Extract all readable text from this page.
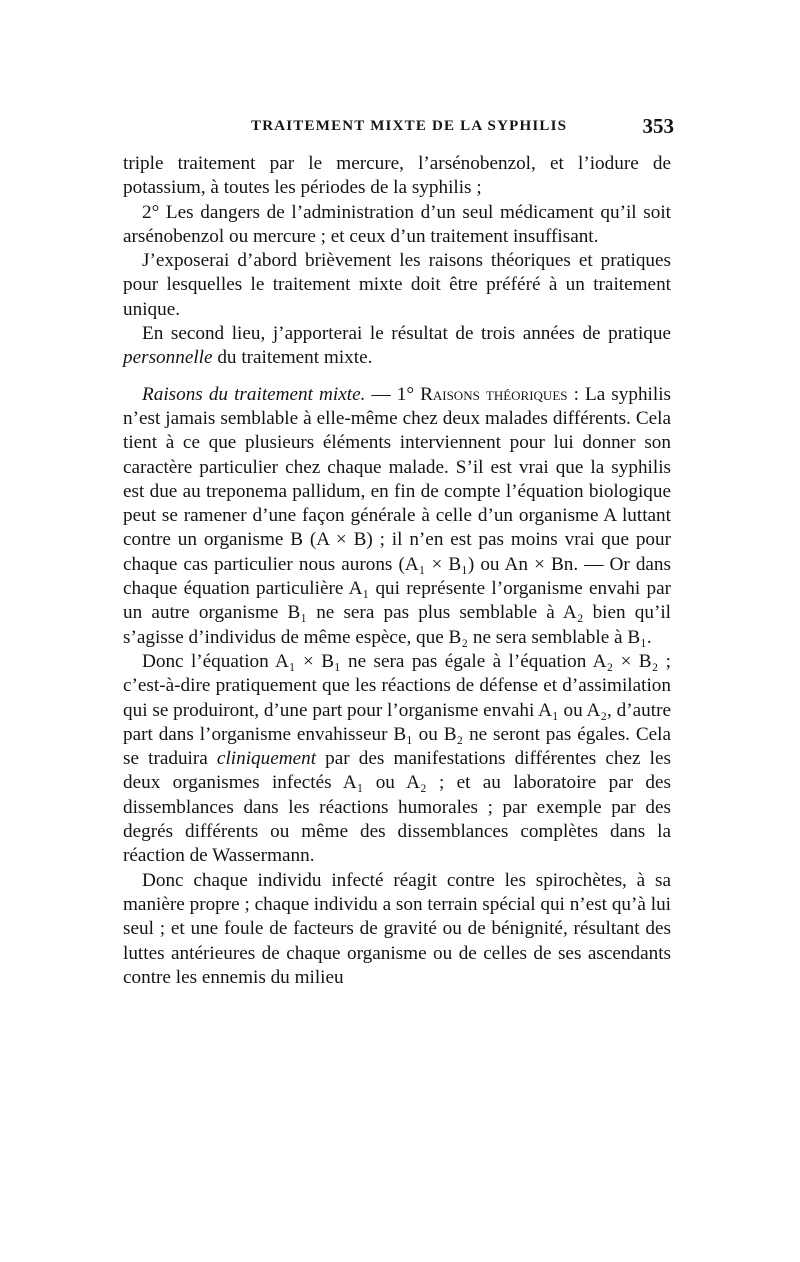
TRAITEMENT MIXTE DE LA SYPHILIS	353

triple traitement par le mercure, l’arsénobenzol, et l’iodure de potassium, à toutes les périodes de la syphilis ;

2° Les dangers de l’administration d’un seul médicament qu’il soit arsénobenzol ou mercure ; et ceux d’un traitement insuffisant.

J’exposerai d’abord brièvement les raisons théoriques et pratiques pour lesquelles le traitement mixte doit être préféré à un traitement unique.

En second lieu, j’apporterai le résultat de trois années de pratique personnelle du traitement mixte.

Raisons du traitement mixte. — 1° Raisons théoriques : La syphilis n’est jamais semblable à elle-même chez deux malades différents. Cela tient à ce que plusieurs éléments interviennent pour lui donner son caractère particulier chez chaque malade. S’il est vrai que la syphilis est due au treponema pallidum, en fin de compte l’équation biologique peut se ramener d’une façon générale à celle d’un organisme A luttant contre un organisme B (A × B) ; il n’en est pas moins vrai que pour chaque cas particulier nous aurons (A₁ × B₁) ou An × Bn. — Or dans chaque équation particulière A₁ qui représente l’organisme envahi par un autre organisme B₁ ne sera pas plus semblable à A₂ bien qu’il s’agisse d’individus de même espèce, que B₂ ne sera semblable à B₁.

Donc l’équation A₁ × B₁ ne sera pas égale à l’équation A₂ × B₂ ; c’est-à-dire pratiquement que les réactions de défense et d’assimilation qui se produiront, d’une part pour l’organisme envahi A₁ ou A₂, d’autre part dans l’organisme envahisseur B₁ ou B₂ ne seront pas égales. Cela se traduira cliniquement par des manifestations différentes chez les deux organismes infectés A₁ ou A₂ ; et au laboratoire par des dissemblances dans les réactions humorales ; par exemple par des degrés différents ou même des dissemblances complètes dans la réaction de Wassermann.

Donc chaque individu infecté réagit contre les spirochètes, à sa manière propre ; chaque individu a son terrain spécial qui n’est qu’à lui seul ; et une foule de facteurs de gravité ou de bénignité, résultant des luttes antérieures de chaque organisme ou de celles de ses ascendants contre les ennemis du milieu
